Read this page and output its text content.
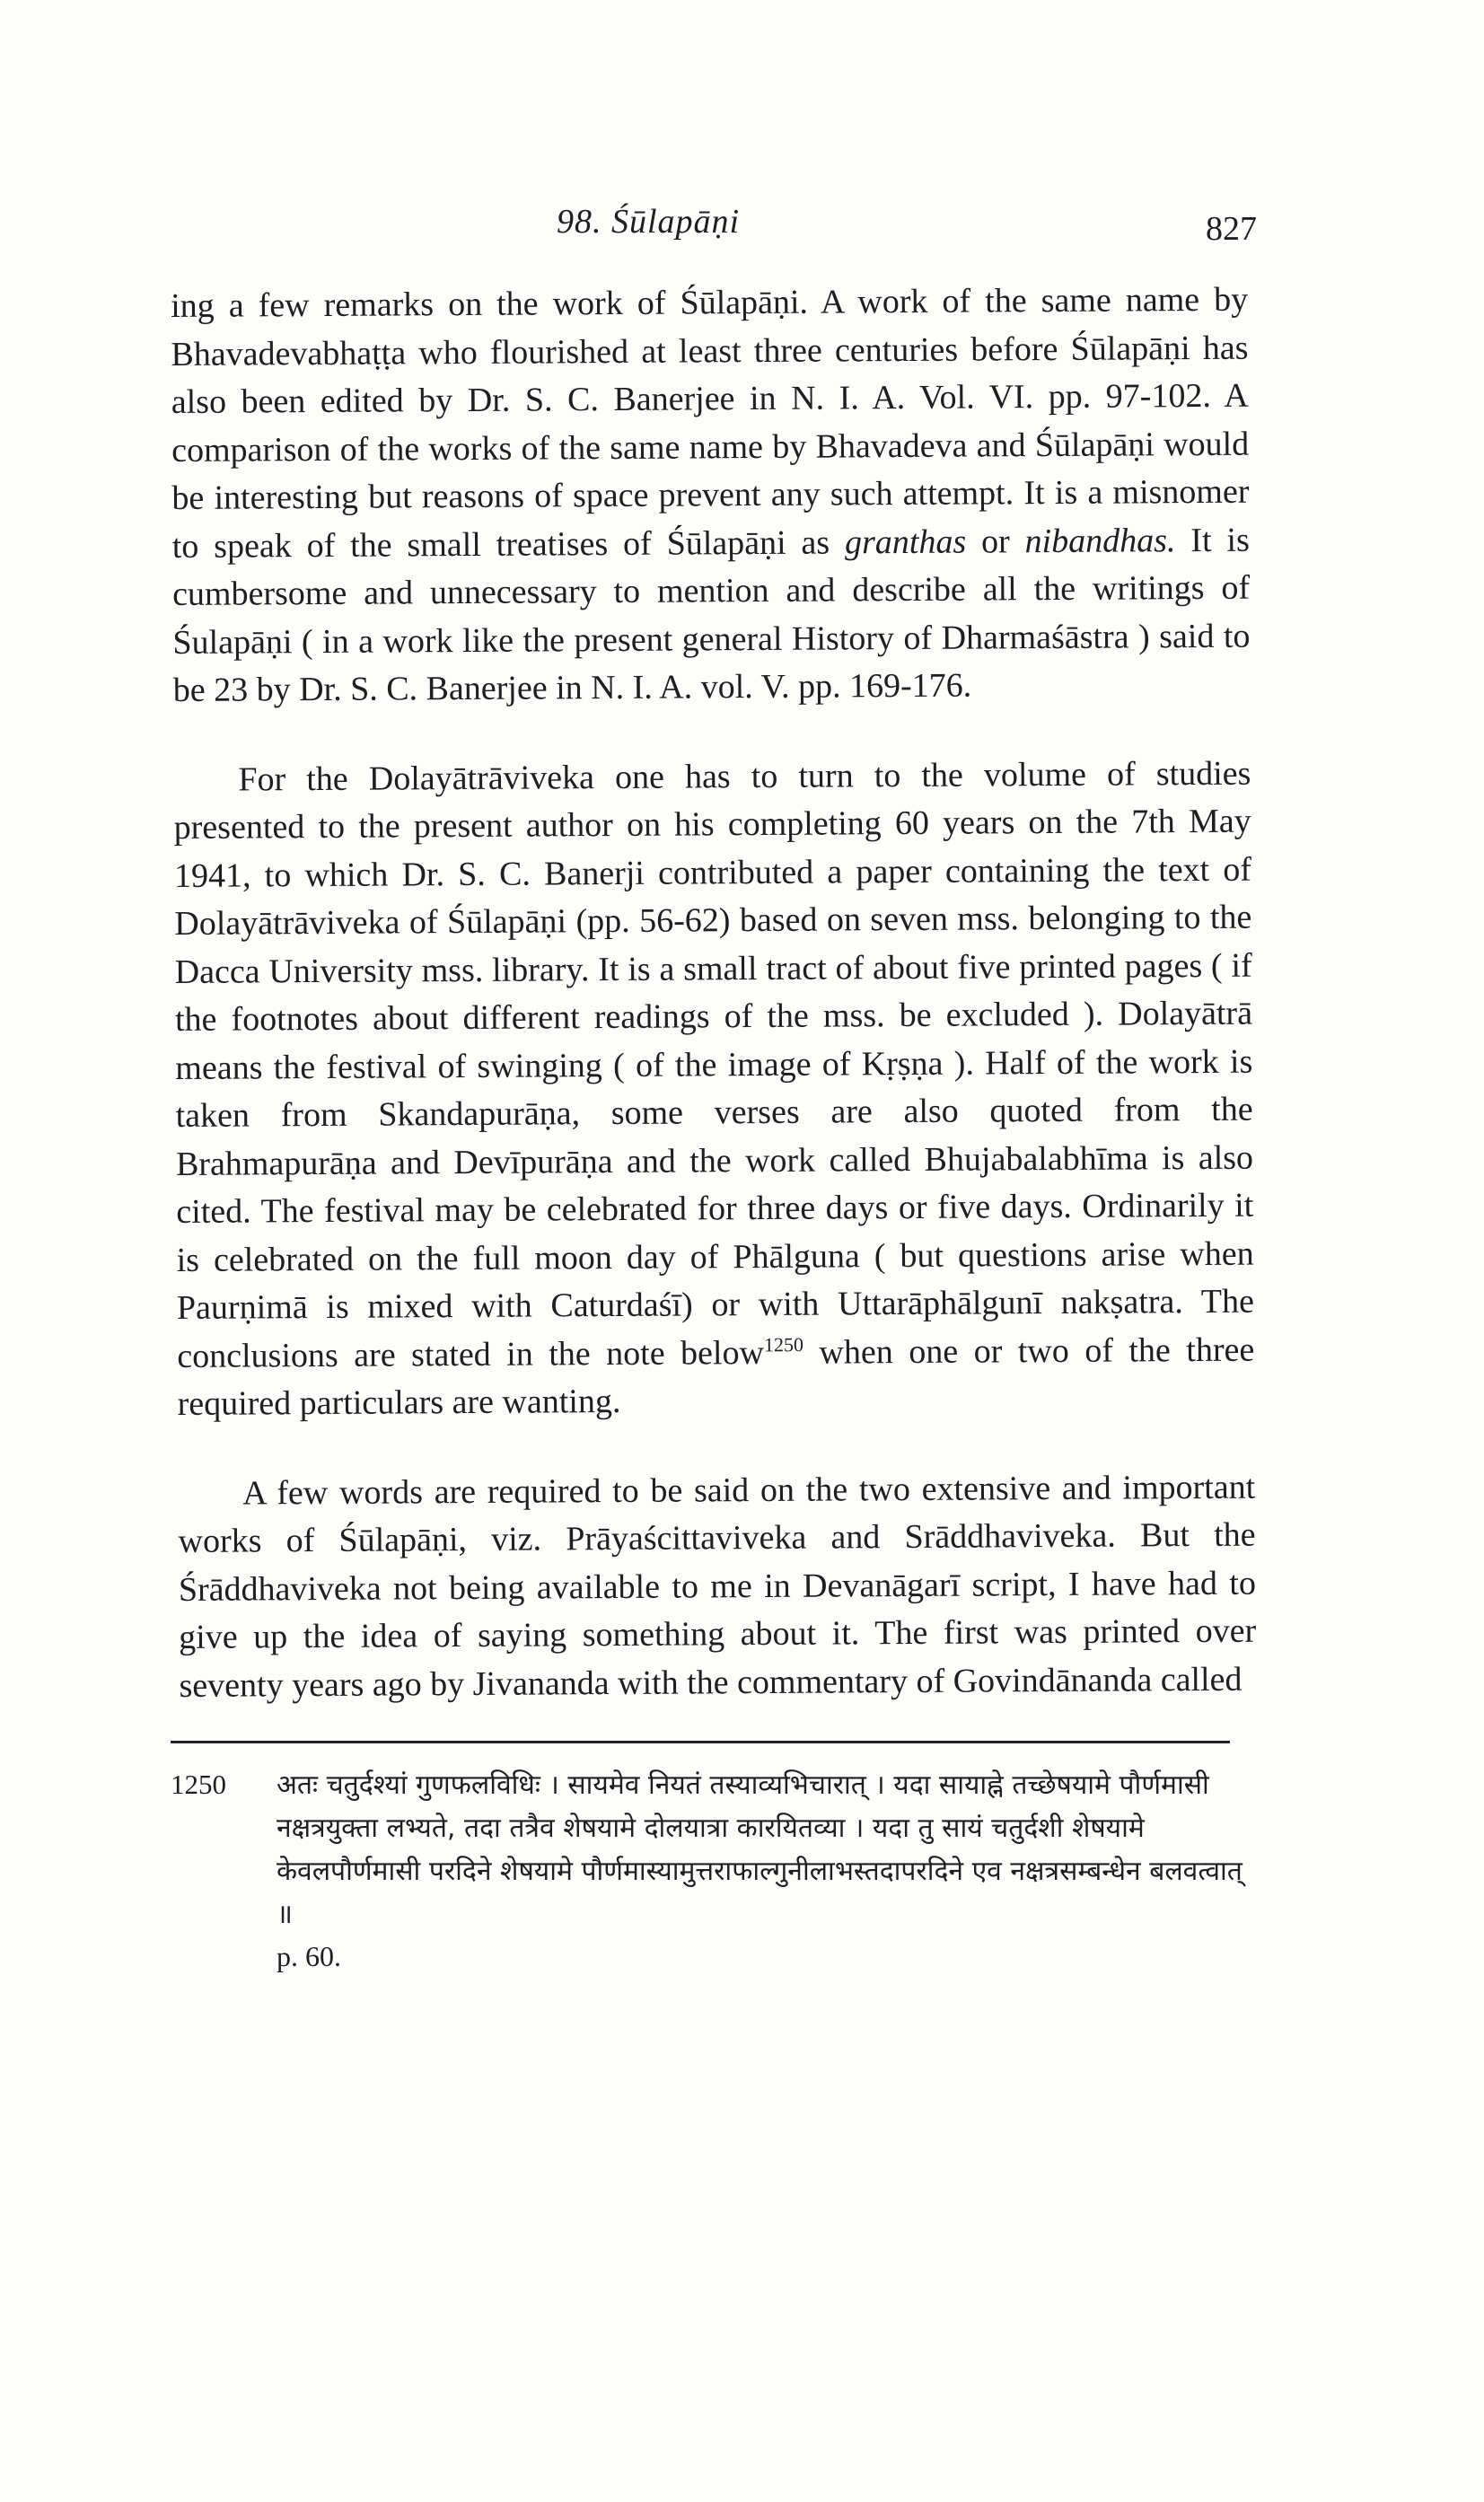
98. Śūlapāṇi	827

ing a few remarks on the work of Śūlapāṇi. A work of the same name by Bhavadevabhaṭṭa who flourished at least three centuries before Śūlapāṇi has also been edited by Dr. S. C. Banerjee in N. I. A. Vol. VI. pp. 97-102. A comparison of the works of the same name by Bhavadeva and Śūlapāṇi would be interesting but reasons of space prevent any such attempt. It is a misnomer to speak of the small treatises of Śūlapāṇi as granthas or nibandhas. It is cumbersome and unnecessary to mention and describe all the writings of Śulapāṇi ( in a work like the present general History of Dharmaśāstra ) said to be 23 by Dr. S. C. Banerjee in N. I. A. vol. V. pp. 169-176.

For the Dolayātrāviveka one has to turn to the volume of studies presented to the present author on his completing 60 years on the 7th May 1941, to which Dr. S. C. Banerji contributed a paper containing the text of Dolayātrāviveka of Śūlapāṇi (pp. 56-62) based on seven mss. belonging to the Dacca University mss. library. It is a small tract of about five printed pages ( if the footnotes about different readings of the mss. be excluded ). Dolayātrā means the festival of swinging ( of the image of Kṛṣṇa ). Half of the work is taken from Skandapurāṇa, some verses are also quoted from the Brahmapurāṇa and Devīpurāṇa and the work called Bhujabalabhīma is also cited. The festival may be celebrated for three days or five days. Ordinarily it is celebrated on the full moon day of Phālguna ( but questions arise when Paurṇimā is mixed with Caturdaśī) or with Uttarāphālgunī nakṣatra. The conclusions are stated in the note below$^{1250}$ when one or two of the three required particulars are wanting.

A few words are required to be said on the two extensive and important works of Śūlapāṇi, viz. Prāyaścittaviveka and Srāddhaviveka. But the Śrāddhaviveka not being available to me in Devanāgarī script, I have had to give up the idea of saying something about it. The first was printed over seventy years ago by Jivananda with the commentary of Govindānanda called

1250 अतः चतुर्दश्यां गुणफलविधिः । सायमेव नियतं तस्याव्यभिचारात् । यदा सायाह्ने तच्छेषयामे पौर्णमासी नक्षत्रयुक्ता लभ्यते, तदा तत्रैव शेषयामे दोलयात्रा कारयितव्या । यदा तु सायं चतुर्दशी शेषयामे केवलपौर्णमासी परदिने शेषयामे पौर्णमास्यामुत्तराफाल्गुनीलाभस्तदापरदिने एव नक्षत्रसम्बन्धेन बलवत्वात् ॥
p. 60.
